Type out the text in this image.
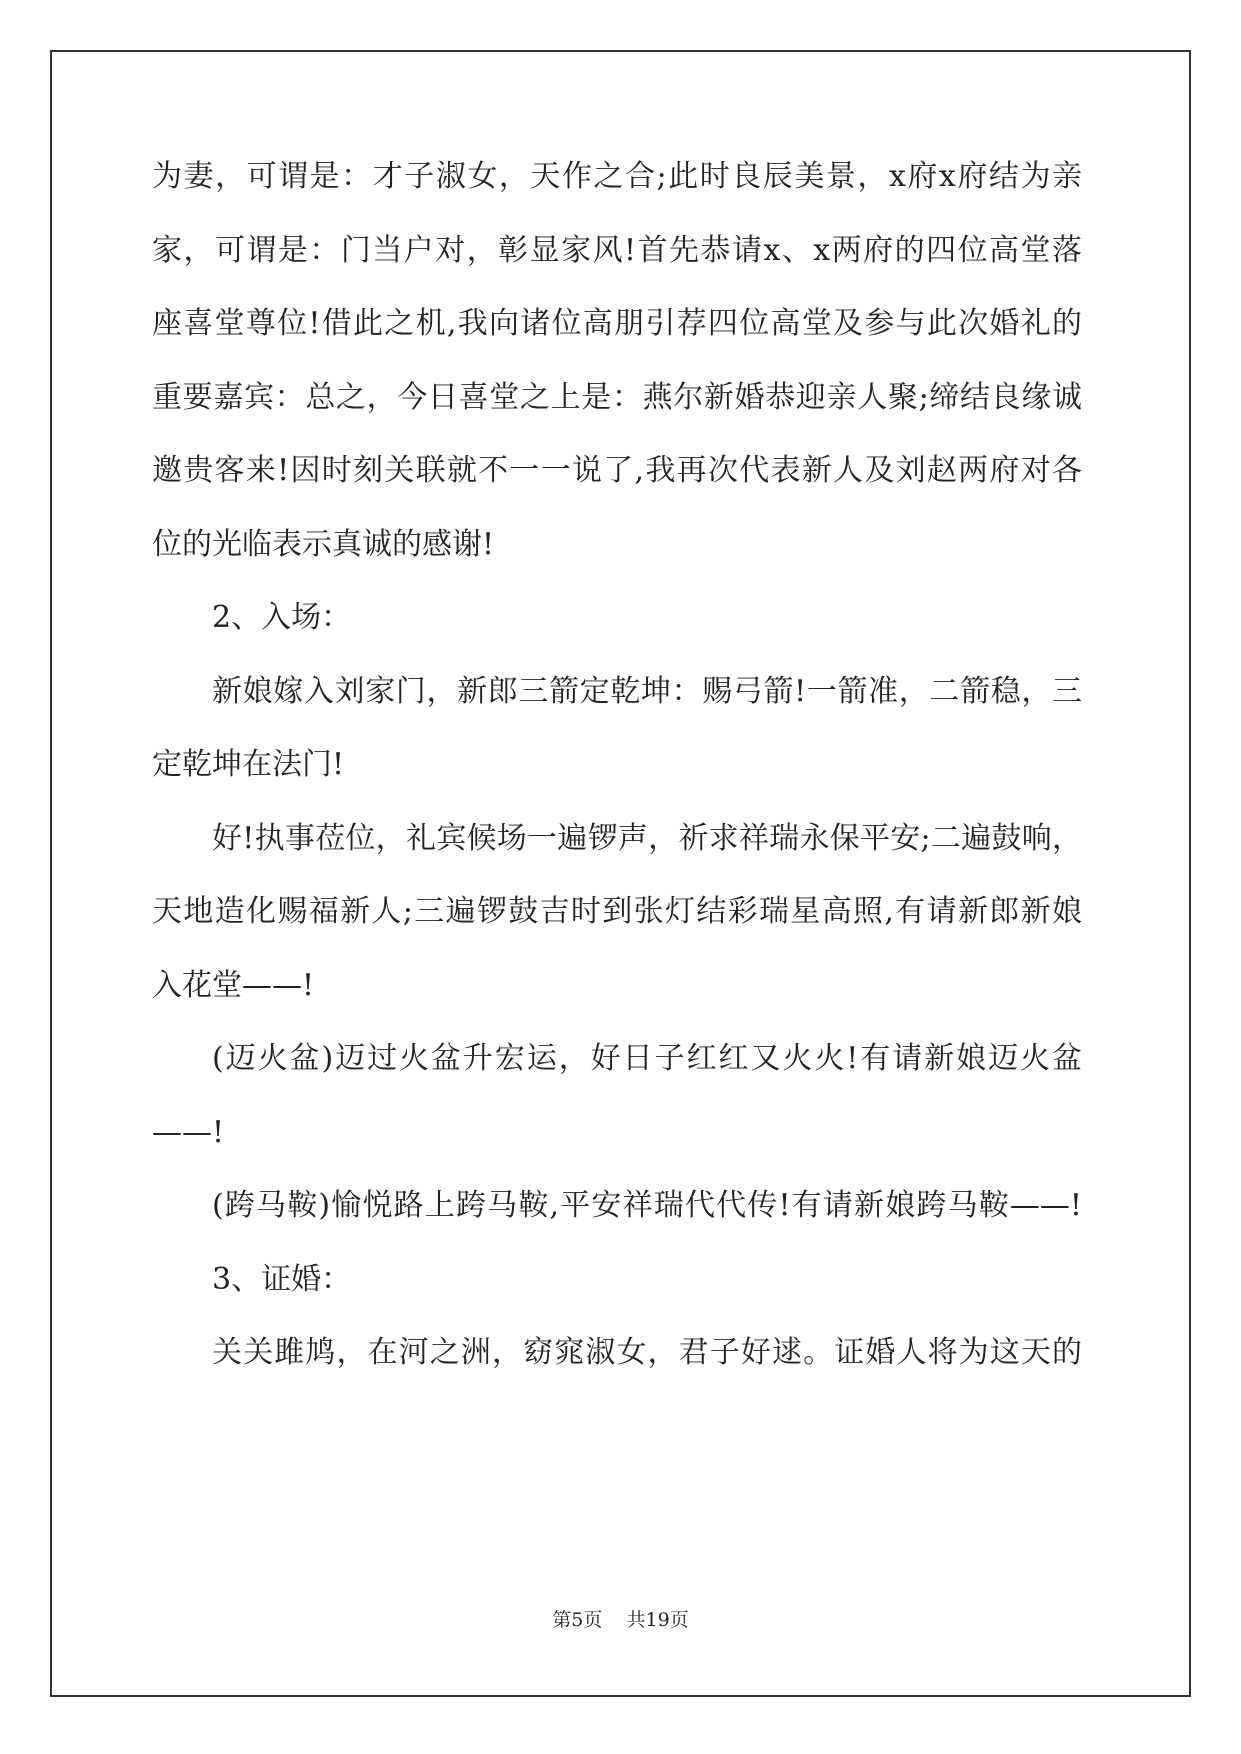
为妻，可谓是：才子淑女，天作之合;此时良辰美景，x府x府结为亲
家，可谓是：门当户对，彰显家风!首先恭请x、x两府的四位高堂落
座喜堂尊位!借此之机,我向诸位高朋引荐四位高堂及参与此次婚礼的
重要嘉宾：总之，今日喜堂之上是：燕尔新婚恭迎亲人聚;缔结良缘诚
邀贵客来!因时刻关联就不一一说了,我再次代表新人及刘赵两府对各
位的光临表示真诚的感谢!
2、入场：
新娘嫁入刘家门，新郎三箭定乾坤：赐弓箭!一箭准，二箭稳，三
定乾坤在法门!
好!执事莅位，礼宾候场一遍锣声，祈求祥瑞永保平安;二遍鼓响，
天地造化赐福新人;三遍锣鼓吉时到张灯结彩瑞星高照,有请新郎新娘
入花堂——!
(迈火盆)迈过火盆升宏运，好日子红红又火火!有请新娘迈火盆
——!
(跨马鞍)愉悦路上跨马鞍,平安祥瑞代代传!有请新娘跨马鞍——!
3、证婚：
关关雎鸠，在河之洲，窈窕淑女，君子好逑。证婚人将为这天的
第5页 共19页
